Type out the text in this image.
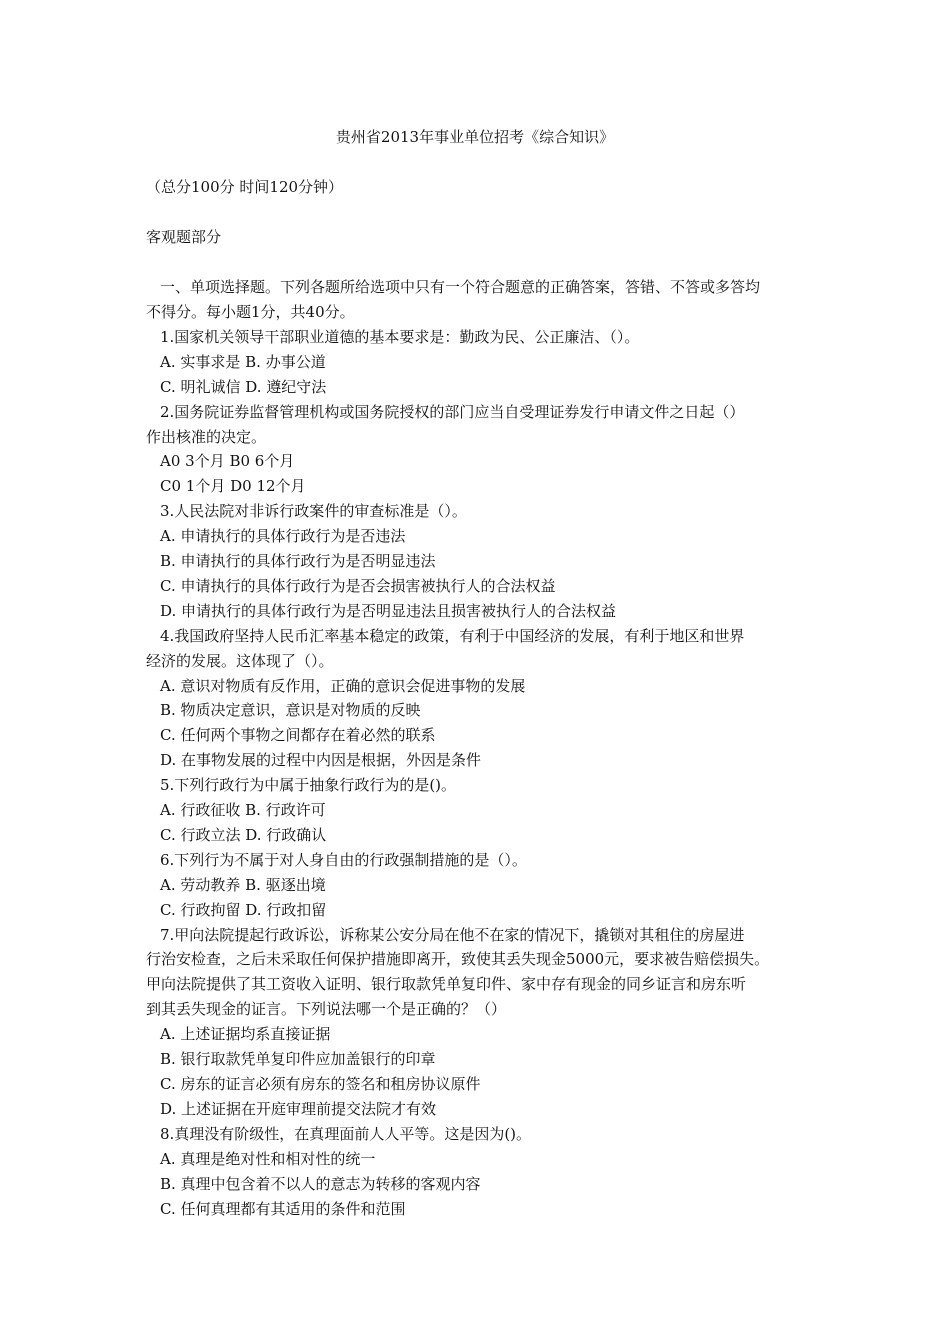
贵州省2013年事业单位招考《综合知识》
（总分100分 时间120分钟）
客观题部分
一、单项选择题。下列各题所给选项中只有一个符合题意的正确答案，答错、不答或多答均
不得分。每小题1分，共40分。
1.国家机关领导干部职业道德的基本要求是：勤政为民、公正廉洁、（）。
A. 实事求是 B. 办事公道
C. 明礼诚信 D. 遵纪守法
2.国务院证券监督管理机构或国务院授权的部门应当自受理证券发行申请文件之日起（）
作出核准的决定。
A0 3个月 B0 6个月
C0 1个月 D0 12个月
3.人民法院对非诉行政案件的审查标准是（）。
A. 申请执行的具体行政行为是否违法
B. 申请执行的具体行政行为是否明显违法
C. 申请执行的具体行政行为是否会损害被执行人的合法权益
D. 申请执行的具体行政行为是否明显违法且损害被执行人的合法权益
4.我国政府坚持人民币汇率基本稳定的政策，有利于中国经济的发展，有利于地区和世界
经济的发展。这体现了（）。
A. 意识对物质有反作用，正确的意识会促进事物的发展
B. 物质决定意识，意识是对物质的反映
C. 任何两个事物之间都存在着必然的联系
D. 在事物发展的过程中内因是根据，外因是条件
5.下列行政行为中属于抽象行政行为的是()。
A. 行政征收 B. 行政许可
C. 行政立法 D. 行政确认
6.下列行为不属于对人身自由的行政强制措施的是（）。
A. 劳动教养 B. 驱逐出境
C. 行政拘留 D. 行政扣留
7.甲向法院提起行政诉讼，诉称某公安分局在他不在家的情况下，撬锁对其租住的房屋进
行治安检查，之后未采取任何保护措施即离开，致使其丢失现金5000元，要求被告赔偿损失。
甲向法院提供了其工资收入证明、银行取款凭单复印件、家中存有现金的同乡证言和房东听
到其丢失现金的证言。下列说法哪一个是正确的？（）
A. 上述证据均系直接证据
B. 银行取款凭单复印件应加盖银行的印章
C. 房东的证言必须有房东的签名和租房协议原件
D. 上述证据在开庭审理前提交法院才有效
8.真理没有阶级性，在真理面前人人平等。这是因为()。
A. 真理是绝对性和相对性的统一
B. 真理中包含着不以人的意志为转移的客观内容
C. 任何真理都有其适用的条件和范围
